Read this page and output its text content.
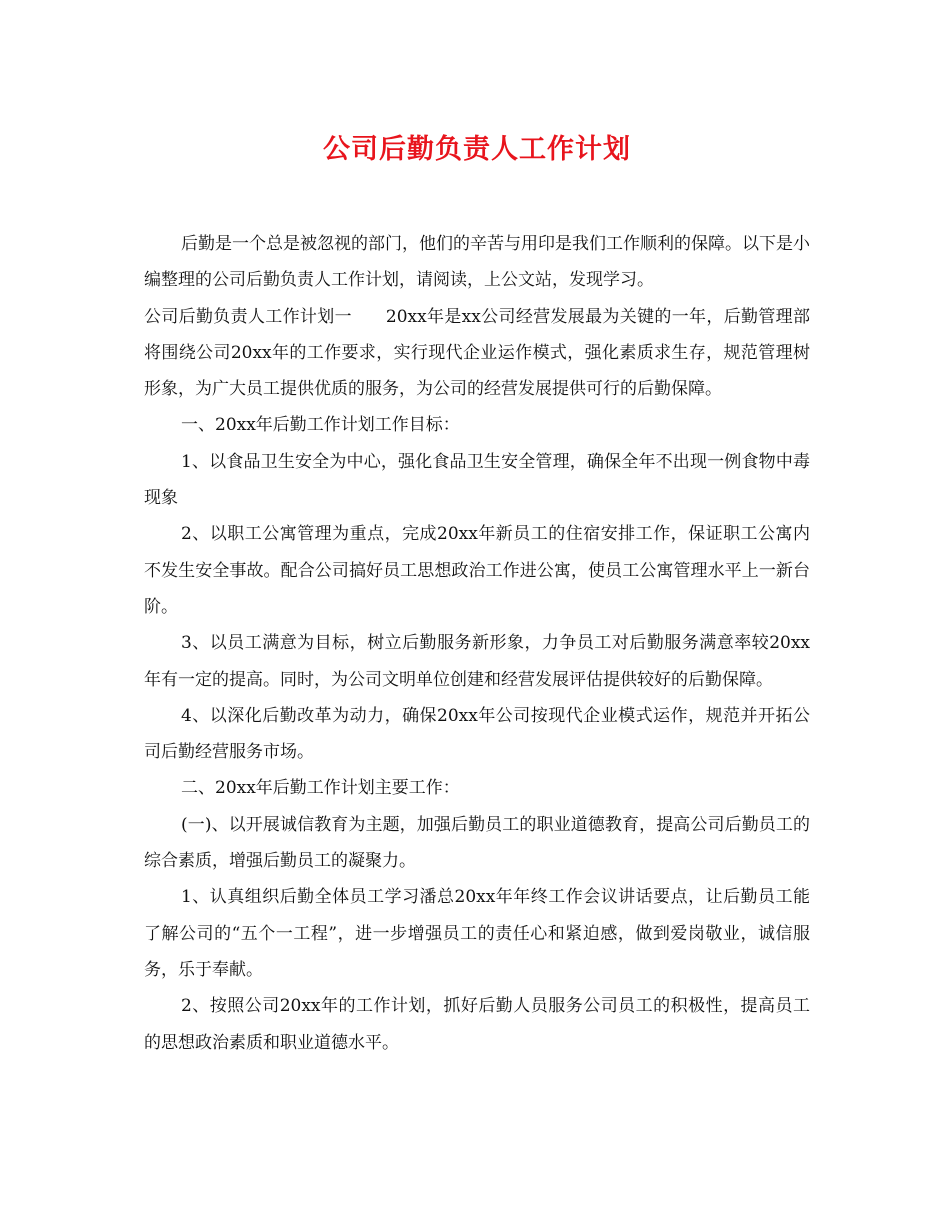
公司后勤负责人工作计划

后勤是一个总是被忽视的部门，他们的辛苦与用印是我们工作顺利的保障。以下是小编整理的公司后勤负责人工作计划，请阅读，上公文站，发现学习。

公司后勤负责人工作计划一 20xx年是xx公司经营发展最为关键的一年，后勤管理部将围绕公司20xx年的工作要求，实行现代企业运作模式，强化素质求生存，规范管理树形象，为广大员工提供优质的服务，为公司的经营发展提供可行的后勤保障。

一、20xx年后勤工作计划工作目标：

1、以食品卫生安全为中心，强化食品卫生安全管理，确保全年不出现一例食物中毒现象

2、以职工公寓管理为重点，完成20xx年新员工的住宿安排工作，保证职工公寓内不发生安全事故。配合公司搞好员工思想政治工作进公寓，使员工公寓管理水平上一新台阶。

3、以员工满意为目标，树立后勤服务新形象，力争员工对后勤服务满意率较20xx年有一定的提高。同时，为公司文明单位创建和经营发展评估提供较好的后勤保障。

4、以深化后勤改革为动力，确保20xx年公司按现代企业模式运作，规范并开拓公司后勤经营服务市场。

二、20xx年后勤工作计划主要工作：

(一)、以开展诚信教育为主题，加强后勤员工的职业道德教育，提高公司后勤员工的综合素质，增强后勤员工的凝聚力。

1、认真组织后勤全体员工学习潘总20xx年年终工作会议讲话要点，让后勤员工能了解公司的“五个一工程”，进一步增强员工的责任心和紧迫感，做到爱岗敬业，诚信服务，乐于奉献。

2、按照公司20xx年的工作计划，抓好后勤人员服务公司员工的积极性，提高员工的思想政治素质和职业道德水平。
